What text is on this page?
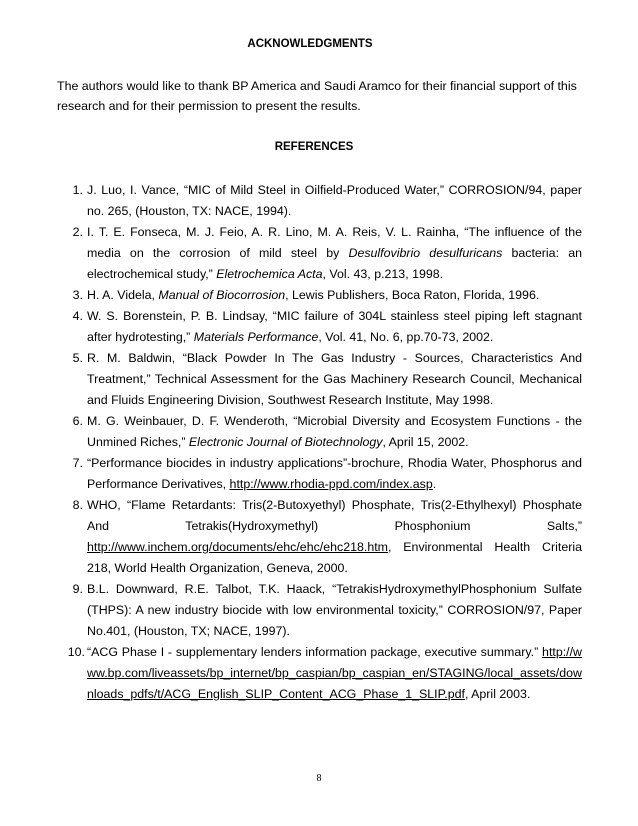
ACKNOWLEDGMENTS
The authors would like to thank BP America and Saudi Aramco for their financial support of this research and for their permission to present the results.
REFERENCES
1. J. Luo, I. Vance, “MIC of Mild Steel in Oilfield-Produced Water,” CORROSION/94, paper no. 265, (Houston, TX: NACE, 1994).
2. I. T. E. Fonseca, M. J. Feio, A. R. Lino, M. A. Reis, V. L. Rainha, “The influence of the media on the corrosion of mild steel by Desulfovibrio desulfuricans bacteria: an electrochemical study,” Eletrochemica Acta, Vol. 43, p.213, 1998.
3. H. A. Videla, Manual of Biocorrosion, Lewis Publishers, Boca Raton, Florida, 1996.
4. W. S. Borenstein, P. B. Lindsay, “MIC failure of 304L stainless steel piping left stagnant after hydrotesting,” Materials Performance, Vol. 41, No. 6, pp.70-73, 2002.
5. R. M. Baldwin, “Black Powder In The Gas Industry - Sources, Characteristics And Treatment,” Technical Assessment for the Gas Machinery Research Council, Mechanical and Fluids Engineering Division, Southwest Research Institute, May 1998.
6. M. G. Weinbauer, D. F. Wenderoth, “Microbial Diversity and Ecosystem Functions - the Unmined Riches,” Electronic Journal of Biotechnology, April 15, 2002.
7. “Performance biocides in industry applications”-brochure, Rhodia Water, Phosphorus and Performance Derivatives, http://www.rhodia-ppd.com/index.asp.
8. WHO, “Flame Retardants: Tris(2-Butoxyethyl) Phosphate, Tris(2-Ethylhexyl) Phosphate And Tetrakis(Hydroxymethyl) Phosphonium Salts,” http://www.inchem.org/documents/ehc/ehc/ehc218.htm, Environmental Health Criteria 218, World Health Organization, Geneva, 2000.
9. B.L. Downward, R.E. Talbot, T.K. Haack, “TetrakisHydroxymethylPhosphonium Sulfate (THPS): A new industry biocide with low environmental toxicity,” CORROSION/97, Paper No.401, (Houston, TX; NACE, 1997).
10. “ACG Phase I - supplementary lenders information package, executive summary.” http://www.bp.com/liveassets/bp_internet/bp_caspian/bp_caspian_en/STAGING/local_assets/downloads_pdfs/t/ACG_English_SLIP_Content_ACG_Phase_1_SLIP.pdf, April 2003.
8
